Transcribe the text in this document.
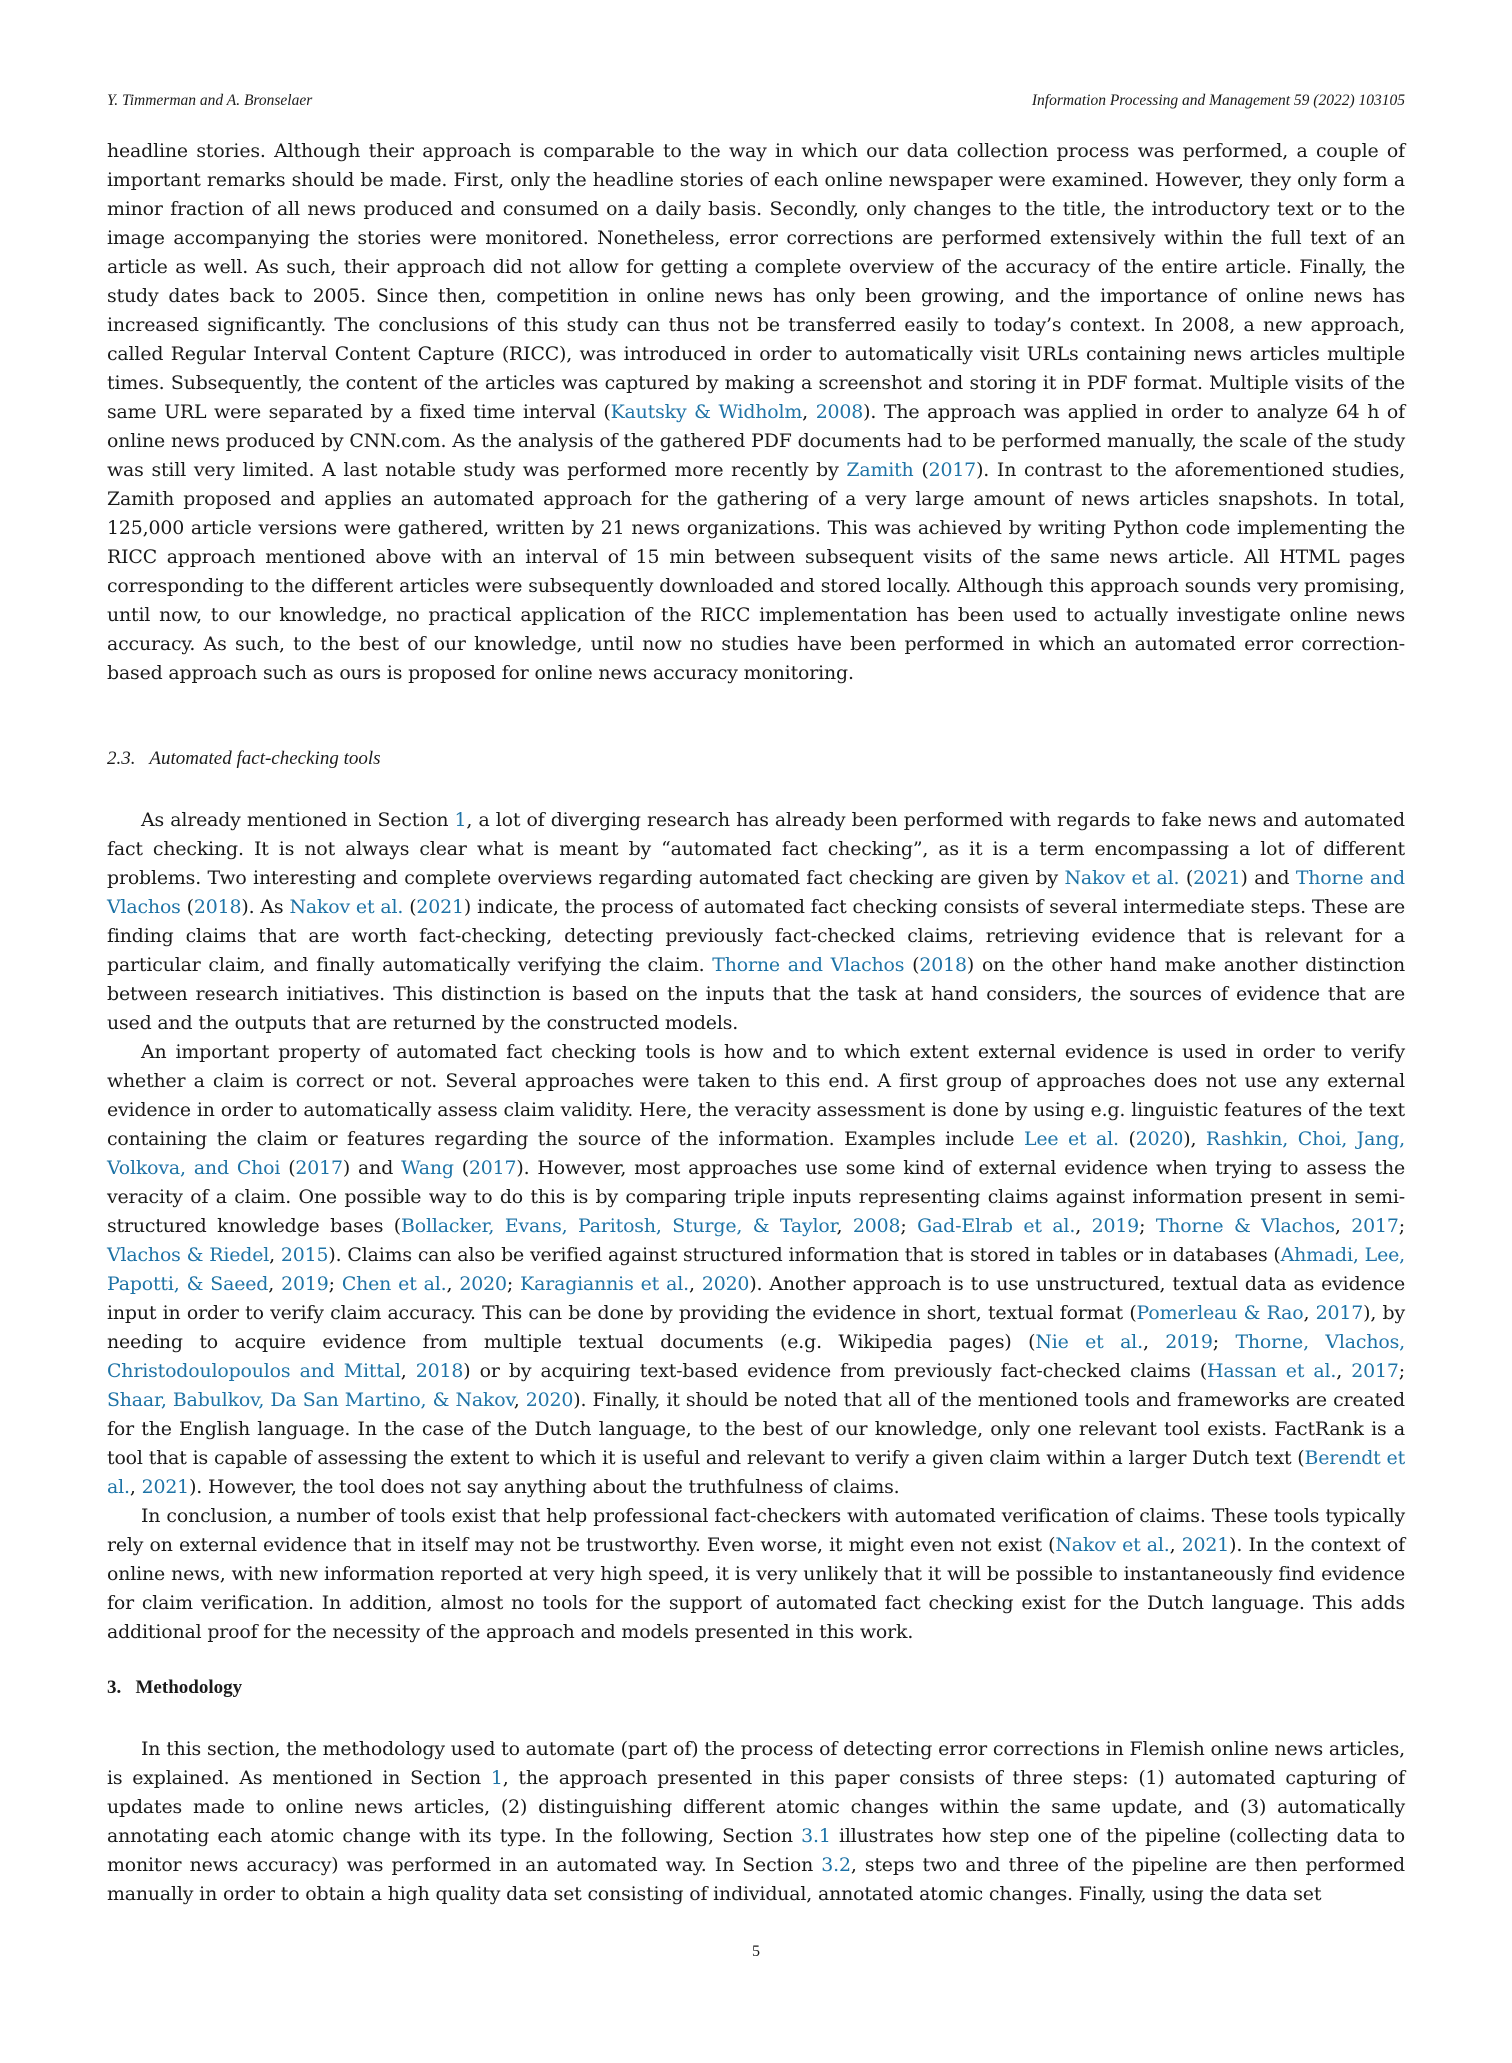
Y. Timmerman and A. Bronselaer	Information Processing and Management 59 (2022) 103105

headline stories. Although their approach is comparable to the way in which our data collection process was performed, a couple of important remarks should be made. First, only the headline stories of each online newspaper were examined. However, they only form a minor fraction of all news produced and consumed on a daily basis. Secondly, only changes to the title, the introductory text or to the image accompanying the stories were monitored. Nonetheless, error corrections are performed extensively within the full text of an article as well. As such, their approach did not allow for getting a complete overview of the accuracy of the entire article. Finally, the study dates back to 2005. Since then, competition in online news has only been growing, and the importance of online news has increased significantly. The conclusions of this study can thus not be transferred easily to today’s context. In 2008, a new approach, called Regular Interval Content Capture (RICC), was introduced in order to automatically visit URLs containing news articles multiple times. Subsequently, the content of the articles was captured by making a screenshot and storing it in PDF format. Multiple visits of the same URL were separated by a fixed time interval (Kautsky & Widholm, 2008). The approach was applied in order to analyze 64 h of online news produced by CNN.com. As the analysis of the gathered PDF documents had to be performed manually, the scale of the study was still very limited. A last notable study was performed more recently by Zamith (2017). In contrast to the aforementioned studies, Zamith proposed and applies an automated approach for the gathering of a very large amount of news articles snapshots. In total, 125,000 article versions were gathered, written by 21 news organizations. This was achieved by writing Python code implementing the RICC approach mentioned above with an interval of 15 min between subsequent visits of the same news article. All HTML pages corresponding to the different articles were subsequently downloaded and stored locally. Although this approach sounds very promising, until now, to our knowledge, no practical application of the RICC implementation has been used to actually investigate online news accuracy. As such, to the best of our knowledge, until now no studies have been performed in which an automated error correction-based approach such as ours is proposed for online news accuracy monitoring.

2.3. Automated fact-checking tools

As already mentioned in Section 1, a lot of diverging research has already been performed with regards to fake news and automated fact checking. It is not always clear what is meant by “automated fact checking”, as it is a term encompassing a lot of different problems. Two interesting and complete overviews regarding automated fact checking are given by Nakov et al. (2021) and Thorne and Vlachos (2018). As Nakov et al. (2021) indicate, the process of automated fact checking consists of several intermediate steps. These are finding claims that are worth fact-checking, detecting previously fact-checked claims, retrieving evidence that is relevant for a particular claim, and finally automatically verifying the claim. Thorne and Vlachos (2018) on the other hand make another distinction between research initiatives. This distinction is based on the inputs that the task at hand considers, the sources of evidence that are used and the outputs that are returned by the constructed models.

An important property of automated fact checking tools is how and to which extent external evidence is used in order to verify whether a claim is correct or not. Several approaches were taken to this end. A first group of approaches does not use any external evidence in order to automatically assess claim validity. Here, the veracity assessment is done by using e.g. linguistic features of the text containing the claim or features regarding the source of the information. Examples include Lee et al. (2020), Rashkin, Choi, Jang, Volkova, and Choi (2017) and Wang (2017). However, most approaches use some kind of external evidence when trying to assess the veracity of a claim. One possible way to do this is by comparing triple inputs representing claims against information present in semi-structured knowledge bases (Bollacker, Evans, Paritosh, Sturge, & Taylor, 2008; Gad-Elrab et al., 2019; Thorne & Vlachos, 2017; Vlachos & Riedel, 2015). Claims can also be verified against structured information that is stored in tables or in databases (Ahmadi, Lee, Papotti, & Saeed, 2019; Chen et al., 2020; Karagiannis et al., 2020). Another approach is to use unstructured, textual data as evidence input in order to verify claim accuracy. This can be done by providing the evidence in short, textual format (Pomerleau & Rao, 2017), by needing to acquire evidence from multiple textual documents (e.g. Wikipedia pages) (Nie et al., 2019; Thorne, Vlachos, Christodoulopoulos and Mittal, 2018) or by acquiring text-based evidence from previously fact-checked claims (Hassan et al., 2017; Shaar, Babulkov, Da San Martino, & Nakov, 2020). Finally, it should be noted that all of the mentioned tools and frameworks are created for the English language. In the case of the Dutch language, to the best of our knowledge, only one relevant tool exists. FactRank is a tool that is capable of assessing the extent to which it is useful and relevant to verify a given claim within a larger Dutch text (Berendt et al., 2021). However, the tool does not say anything about the truthfulness of claims.

In conclusion, a number of tools exist that help professional fact-checkers with automated verification of claims. These tools typically rely on external evidence that in itself may not be trustworthy. Even worse, it might even not exist (Nakov et al., 2021). In the context of online news, with new information reported at very high speed, it is very unlikely that it will be possible to instantaneously find evidence for claim verification. In addition, almost no tools for the support of automated fact checking exist for the Dutch language. This adds additional proof for the necessity of the approach and models presented in this work.

3. Methodology

In this section, the methodology used to automate (part of) the process of detecting error corrections in Flemish online news articles, is explained. As mentioned in Section 1, the approach presented in this paper consists of three steps: (1) automated capturing of updates made to online news articles, (2) distinguishing different atomic changes within the same update, and (3) automatically annotating each atomic change with its type. In the following, Section 3.1 illustrates how step one of the pipeline (collecting data to monitor news accuracy) was performed in an automated way. In Section 3.2, steps two and three of the pipeline are then performed manually in order to obtain a high quality data set consisting of individual, annotated atomic changes. Finally, using the data set

5
